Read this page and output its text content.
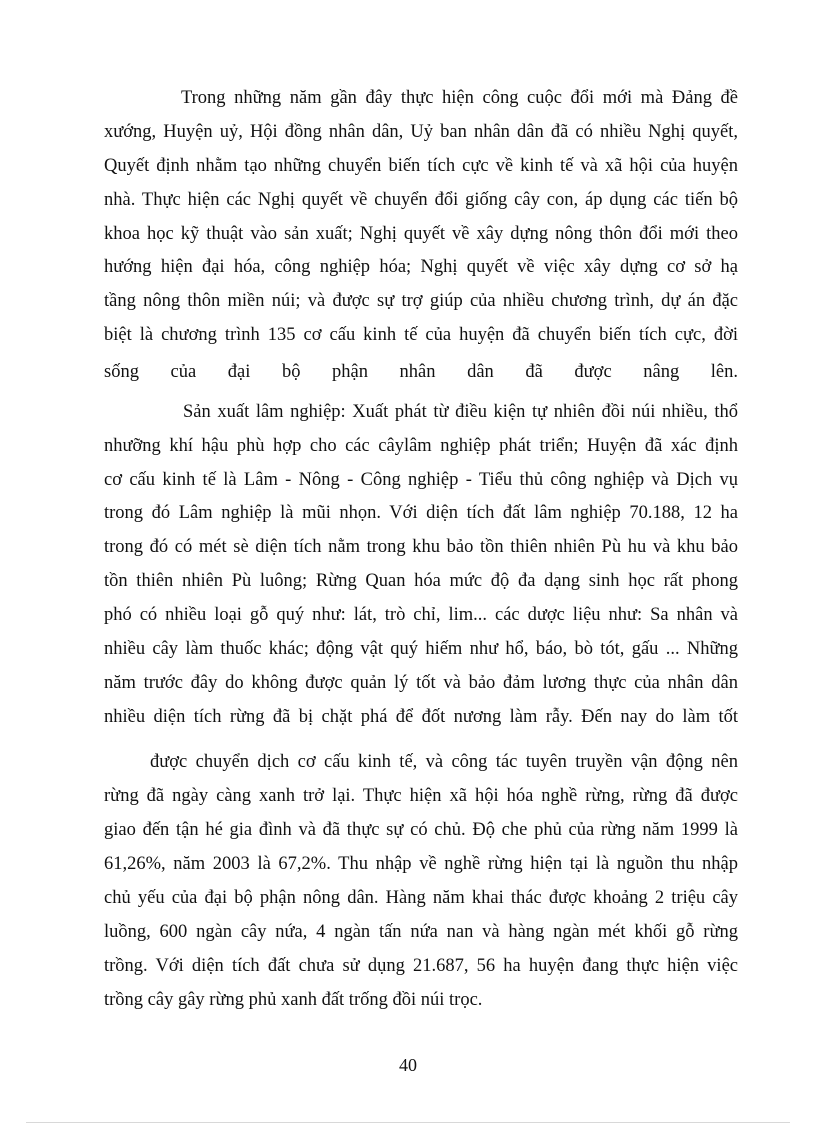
Trong những năm gần đây thực hiện công cuộc đổi mới mà Đảng đề
xướng, Huyện uỷ, Hội đồng nhân dân, Uỷ ban nhân dân đã có nhiều Nghị quyết,
Quyết định nhằm tạo những chuyển biến tích cực về kinh tế và xã hội của huyện
nhà. Thực hiện các Nghị quyết về chuyển đổi giống cây con, áp dụng các tiến bộ
khoa học kỹ thuật vào sản xuất; Nghị quyết về xây dựng nông thôn đổi mới theo
hướng hiện đại hóa, công nghiệp hóa; Nghị quyết về việc xây dựng cơ sở hạ
tầng nông thôn miền núi; và được sự trợ giúp của nhiều chương trình, dự án đặc
biệt là chương trình 135 cơ cấu kinh tế của huyện đã chuyển biến tích cực, đời
sống của đại bộ phận nhân dân đã được nâng lên.
Sản xuất lâm nghiệp: Xuất phát từ điều kiện tự nhiên đồi núi nhiều, thổ
nhưỡng khí hậu phù hợp cho các câylâm nghiệp phát triển; Huyện đã xác định
cơ cấu kinh tế là Lâm - Nông - Công nghiệp - Tiểu thủ công nghiệp và Dịch vụ
trong đó Lâm nghiệp là mũi nhọn. Với diện tích đất lâm nghiệp 70.188, 12 ha
trong đó có mét sè diện tích nằm trong khu bảo tồn thiên nhiên Pù hu và khu bảo
tồn thiên nhiên Pù luông; Rừng Quan hóa mức độ đa dạng sinh học rất phong
phó có nhiều loại gỗ quý như: lát, trò chỉ, lim... các dược liệu như: Sa nhân và
nhiều cây làm thuốc khác; động vật quý hiếm như hổ, báo, bò tót, gấu ... Những
năm trước đây do không được quản lý tốt và bảo đảm lương thực của nhân dân
nhiều diện tích rừng đã bị chặt phá để đốt nương làm rẫy. Đến nay do làm tốt
được chuyển dịch cơ cấu kinh tế, và công tác tuyên truyền vận động nên
rừng đã ngày càng xanh trở lại. Thực hiện xã hội hóa nghề rừng, rừng đã được
giao đến tận hé gia đình và đã thực sự có chủ. Độ che phủ của rừng năm 1999 là
61,26%, năm 2003 là 67,2%. Thu nhập về nghề rừng hiện tại là nguồn thu nhập
chủ yếu của đại bộ phận nông dân. Hàng năm khai thác được khoảng 2 triệu cây
luồng, 600 ngàn cây nứa, 4 ngàn tấn nứa nan và hàng ngàn mét khối gỗ rừng
trồng. Với diện tích đất chưa sử dụng 21.687, 56 ha huyện đang thực hiện việc
trồng cây gây rừng phủ xanh đất trống đồi núi trọc.
40
